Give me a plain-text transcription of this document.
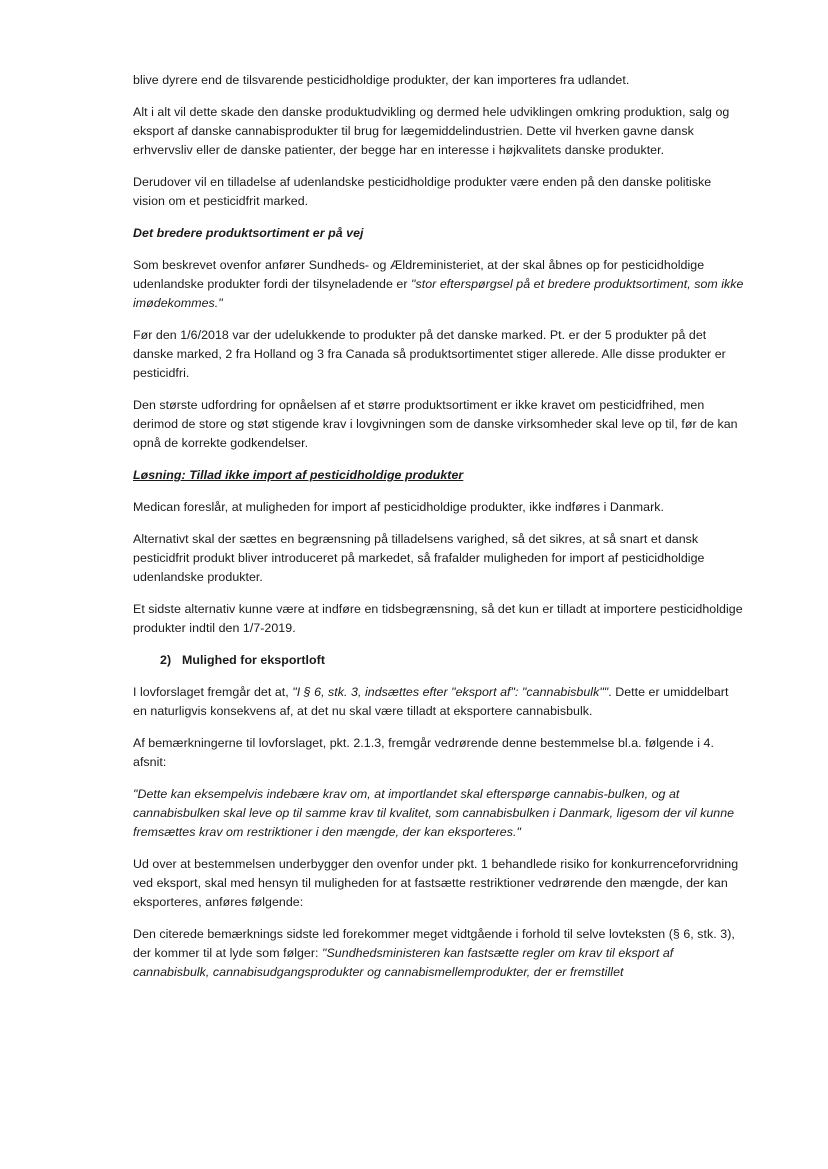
blive dyrere end de tilsvarende pesticidholdige produkter, der kan importeres fra udlandet.

Alt i alt vil dette skade den danske produktudvikling og dermed hele udviklingen omkring produktion, salg og eksport af danske cannabisprodukter til brug for lægemiddelindustrien. Dette vil hverken gavne dansk erhvervsliv eller de danske patienter, der begge har en interesse i højkvalitets danske produkter.

Derudover vil en tilladelse af udenlandske pesticidholdige produkter være enden på den danske politiske vision om et pesticidfrit marked.

Det bredere produktsortiment er på vej

Som beskrevet ovenfor anfører Sundheds- og Ældreministeriet, at der skal åbnes op for pesticidholdige udenlandske produkter fordi der tilsyneladende er "stor efterspørgsel på et bredere produktsortiment, som ikke imødekommes."

Før den 1/6/2018 var der udelukkende to produkter på det danske marked. Pt. er der 5 produkter på det danske marked, 2 fra Holland og 3 fra Canada så produktsortimentet stiger allerede. Alle disse produkter er pesticidfri.

Den største udfordring for opnåelsen af et større produktsortiment er ikke kravet om pesticidfrihed, men derimod de store og støt stigende krav i lovgivningen som de danske virksomheder skal leve op til, før de kan opnå de korrekte godkendelser.

Løsning: Tillad ikke import af pesticidholdige produkter

Medican foreslår, at muligheden for import af pesticidholdige produkter, ikke indføres i Danmark.

Alternativt skal der sættes en begrænsning på tilladelsens varighed, så det sikres, at så snart et dansk pesticidfrit produkt bliver introduceret på markedet, så frafalder muligheden for import af pesticidholdige udenlandske produkter.

Et sidste alternativ kunne være at indføre en tidsbegrænsning, så det kun er tilladt at importere pesticidholdige produkter indtil den 1/7-2019.

2) Mulighed for eksportloft

I lovforslaget fremgår det at, "I § 6, stk. 3, indsættes efter "eksport af": "cannabisbulk"". Dette er umiddelbart en naturligvis konsekvens af, at det nu skal være tilladt at eksportere cannabisbulk.

Af bemærkningerne til lovforslaget, pkt. 2.1.3, fremgår vedrørende denne bestemmelse bl.a. følgende i 4. afsnit:

"Dette kan eksempelvis indebære krav om, at importlandet skal efterspørge cannabis-bulken, og at cannabisbulken skal leve op til samme krav til kvalitet, som cannabisbulken i Danmark, ligesom der vil kunne fremsættes krav om restriktioner i den mængde, der kan eksporteres."

Ud over at bestemmelsen underbygger den ovenfor under pkt. 1 behandlede risiko for konkurrenceforvridning ved eksport, skal med hensyn til muligheden for at fastsætte restriktioner vedrørende den mængde, der kan eksporteres, anføres følgende:

Den citerede bemærknings sidste led forekommer meget vidtgående i forhold til selve lovteksten (§ 6, stk. 3), der kommer til at lyde som følger: "Sundhedsministeren kan fastsætte regler om krav til eksport af cannabisbulk, cannabisudgangsprodukter og cannabismellemprodukter, der er fremstillet
